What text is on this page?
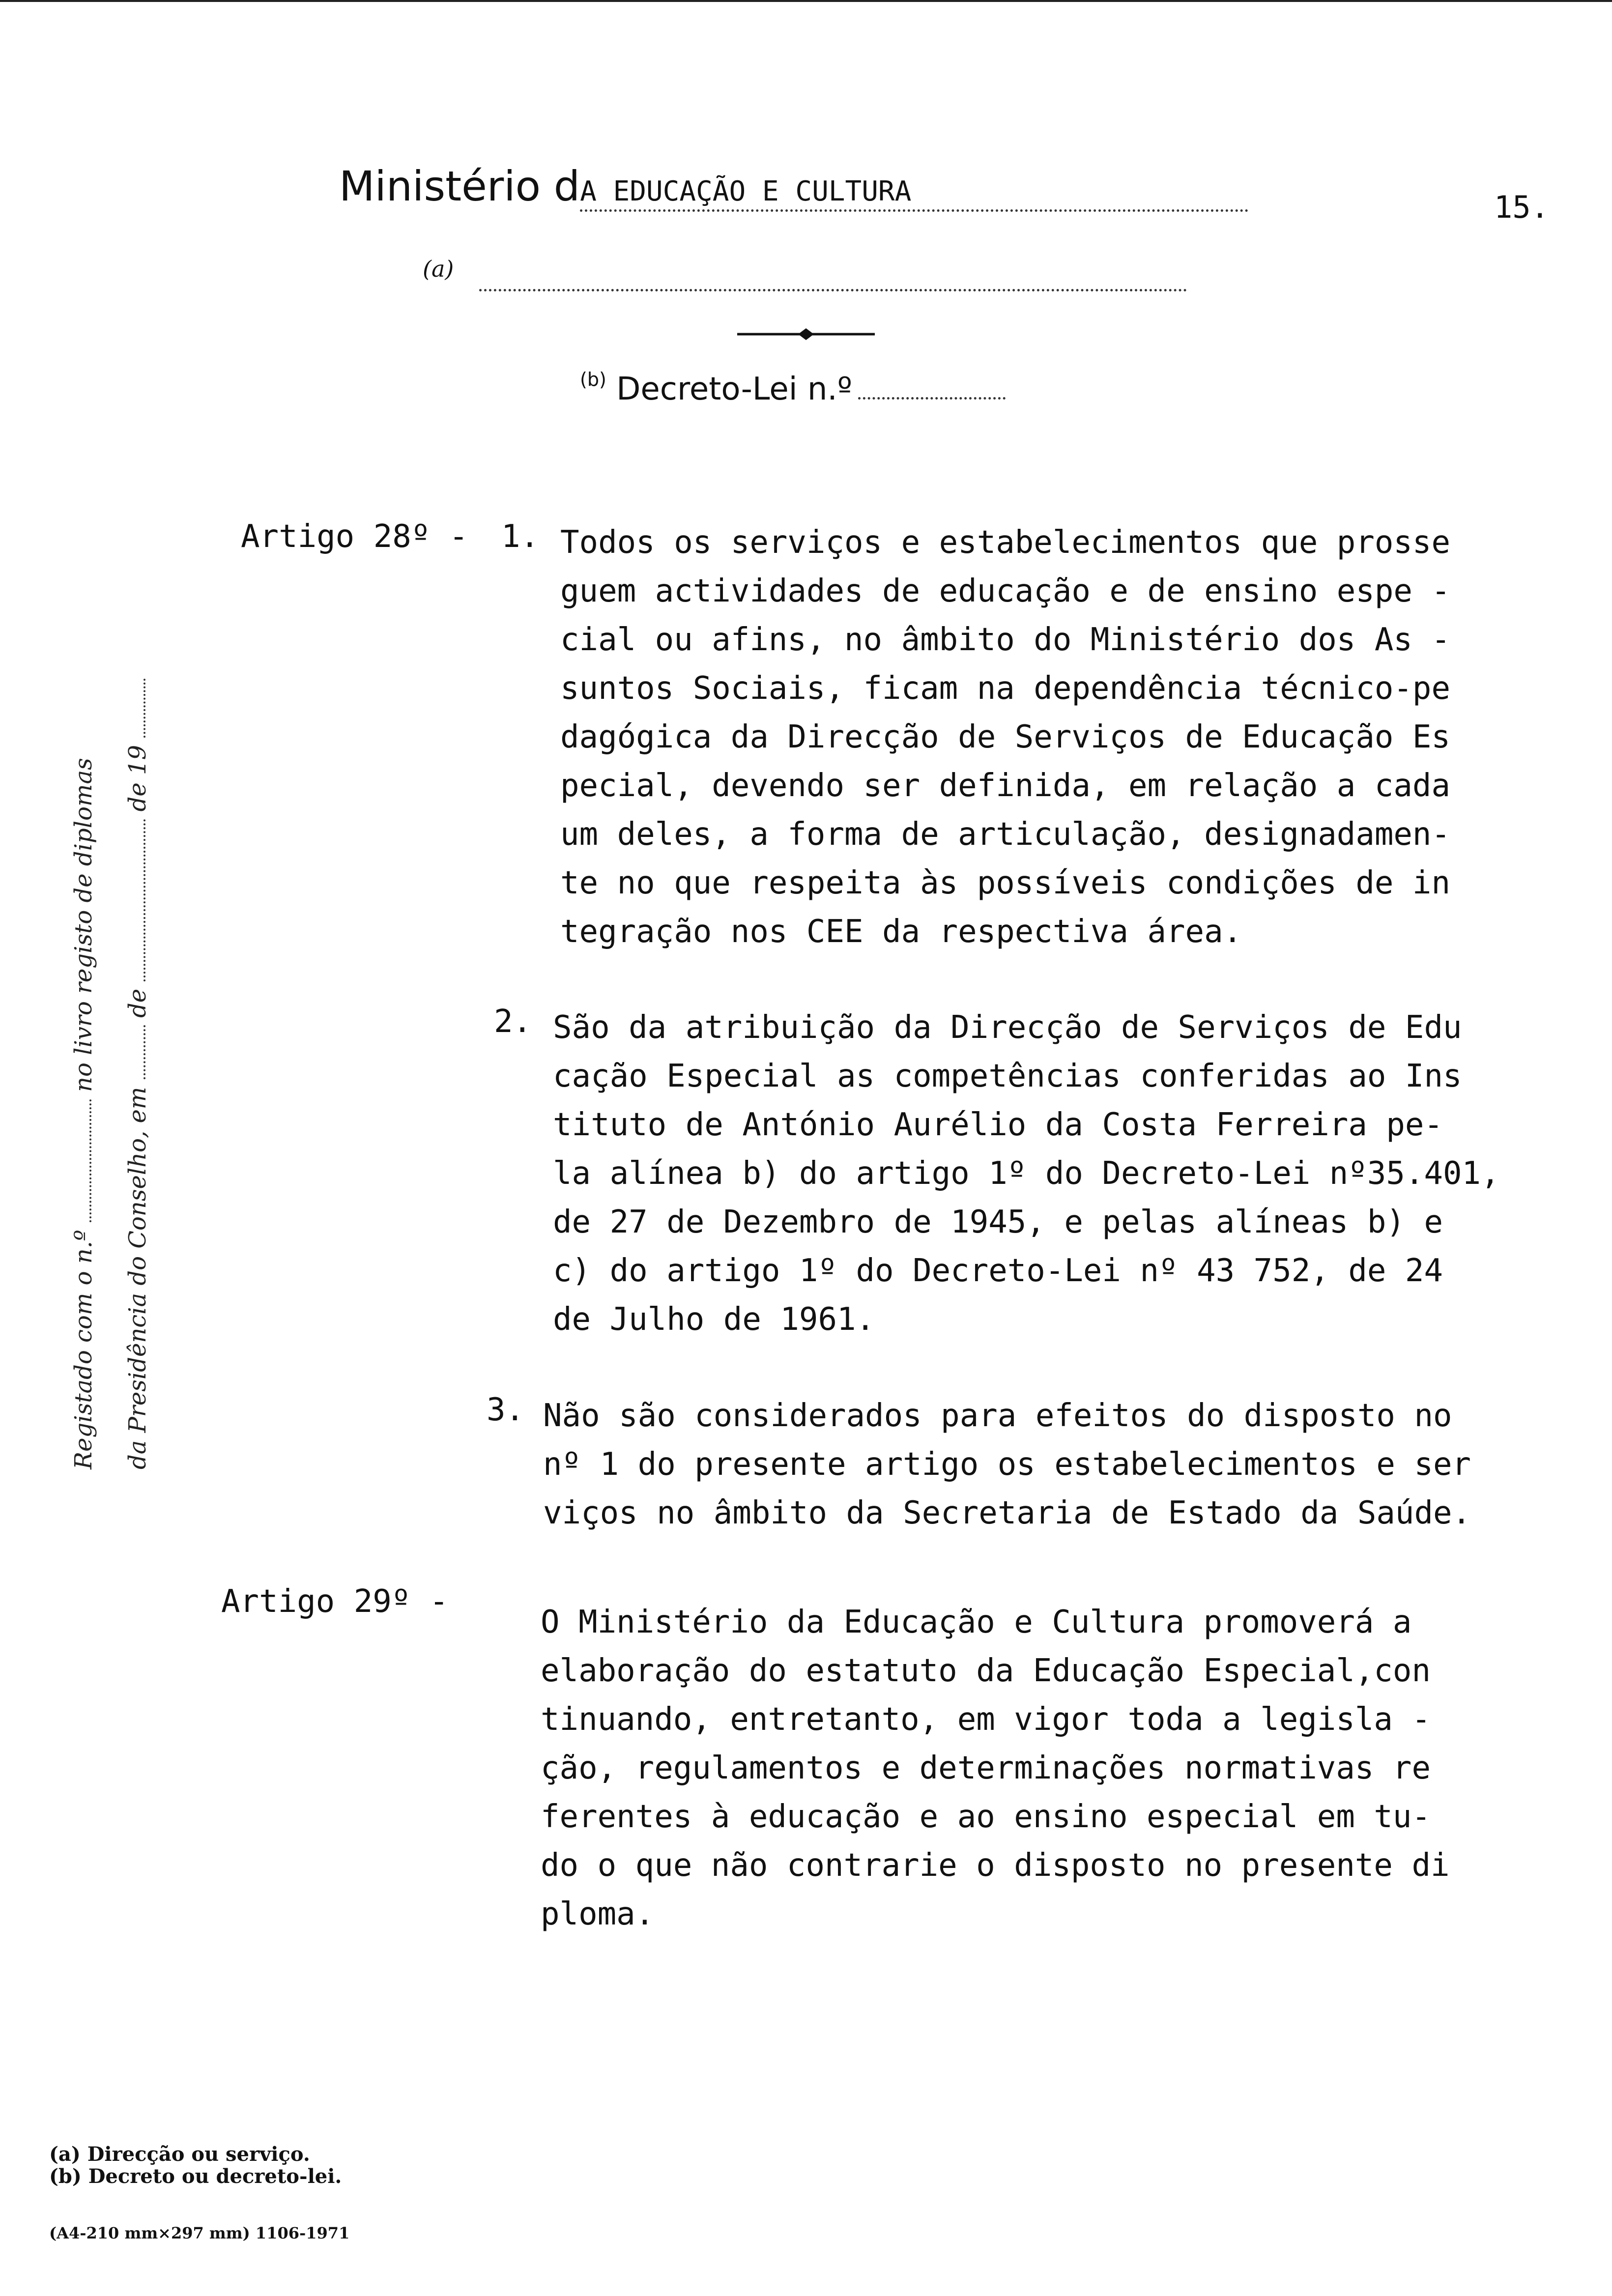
Ministério dA EDUCAÇÃO E CULTURA	15.
(a)
$^{(b)}$ Decreto-Lei n.º
Registado com o n.º  no livro registo de diplomas
da Presidência do Conselho, em  de  de 19
Artigo 28º - 1. Todos os serviços e estabelecimentos que prosse
guem actividades de educação e de ensino espe -
cial ou afins, no âmbito do Ministério dos As -
suntos Sociais, ficam na dependência técnico-pe
dagógica da Direcção de Serviços de Educação Es
pecial, devendo ser definida, em relação a cada
um deles, a forma de articulação, designadamen-
te no que respeita às possíveis condições de in
tegração nos CEE da respectiva área.
2. São da atribuição da Direcção de Serviços de Edu
cação Especial as competências conferidas ao Ins
tituto de António Aurélio da Costa Ferreira pe-
la alínea b) do artigo 1º do Decreto-Lei nº35.401,
de 27 de Dezembro de 1945, e pelas alíneas b) e
c) do artigo 1º do Decreto-Lei nº 43 752, de 24
de Julho de 1961.
3. Não são considerados para efeitos do disposto no
nº 1 do presente artigo os estabelecimentos e ser
viços no âmbito da Secretaria de Estado da Saúde.
Artigo 29º -
O Ministério da Educação e Cultura promoverá a
elaboração do estatuto da Educação Especial,con
tinuando, entretanto, em vigor toda a legisla -
ção, regulamentos e determinações normativas re
ferentes à educação e ao ensino especial em tu-
do o que não contrarie o disposto no presente di
ploma.
(a) Direcção ou serviço.
(b) Decreto ou decreto-lei.
(A4-210 mm×297 mm) 1106-1971
